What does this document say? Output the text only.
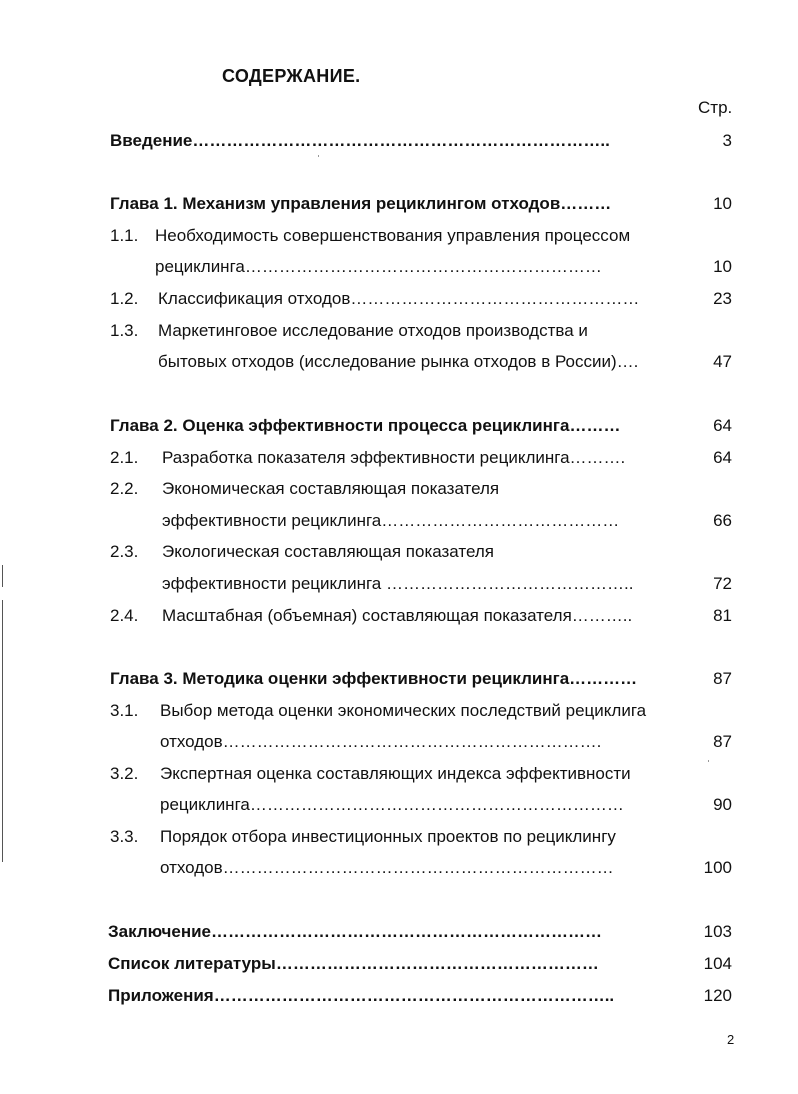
СОДЕРЖАНИЕ.
Стр.
Введение………………………………………………………………..	3
Глава 1. Механизм управления рециклингом отходов………	10
1.1. Необходимость совершенствования управления процессом
рециклинга………………………………………………………	10
1.2. Классификация отходов……………………………………………	23
1.3. Маркетинговое исследование отходов производства и
бытовых отходов (исследование рынка отходов в России)….	47
Глава 2. Оценка эффективности процесса рециклинга………	64
2.1. Разработка показателя эффективности рециклинга……….	64
2.2. Экономическая составляющая показателя
эффективности рециклинга……………………………………	66
2.3. Экологическая составляющая показателя
эффективности рециклинга ……………………………………..	72
2.4. Масштабная (объемная) составляющая показателя………..	81
Глава 3. Методика оценки эффективности рециклинга…………	87
3.1. Выбор метода оценки экономических последствий рециклига
отходов………………………………………………………….	87
3.2. Экспертная оценка составляющих индекса эффективности
рециклинга…………………………………………………………	90
3.3. Порядок отбора инвестиционных проектов по рециклингу
отходов……………………………………………………………	100
Заключение……………………………………………………………	103
Список литературы…………………………………………………	104
Приложения……………………………………………………………..	120
2
